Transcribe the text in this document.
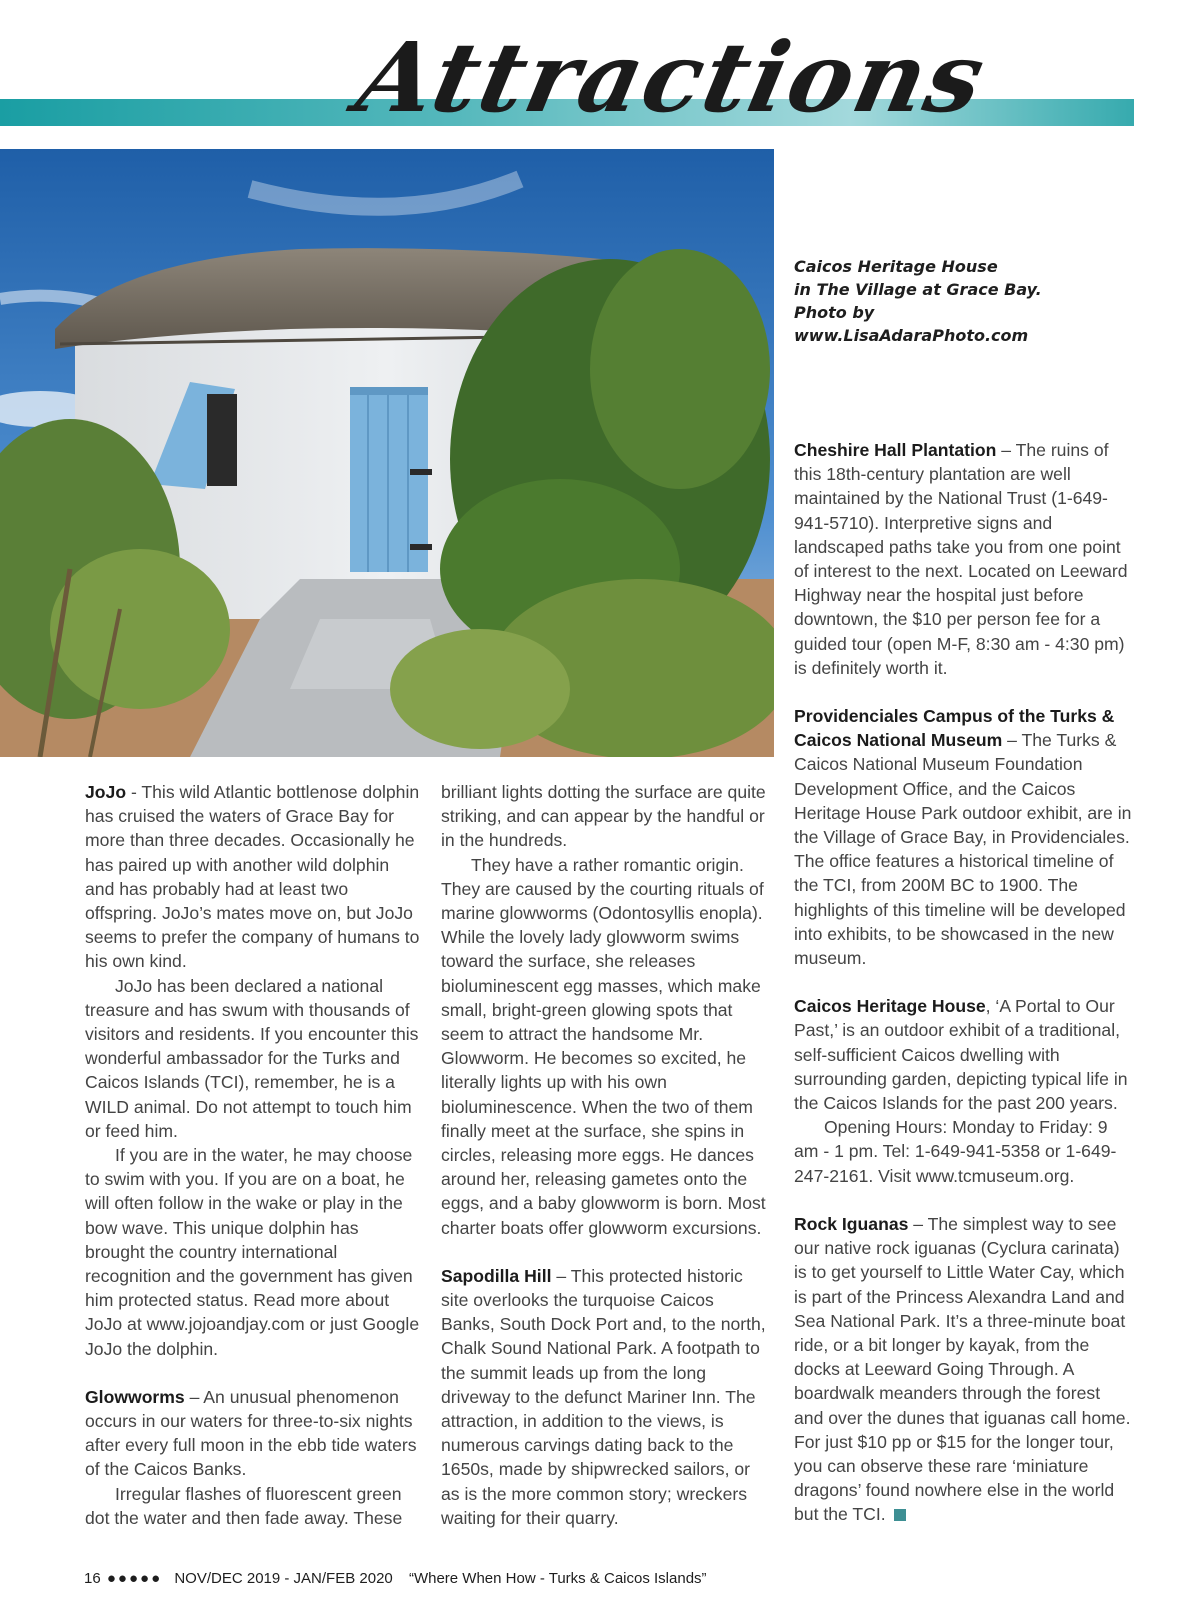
Attractions
Caicos Heritage House
in The Village at Grace Bay.
Photo by
www.LisaAdaraPhoto.com

JoJo - This wild Atlantic bottlenose dolphin has cruised the waters of Grace Bay for more than three decades. Occasionally he has paired up with another wild dolphin and has probably had at least two offspring. JoJo’s mates move on, but JoJo seems to prefer the company of humans to his own kind.

JoJo has been declared a national treasure and has swum with thousands of visitors and residents. If you encounter this wonderful ambassador for the Turks and Caicos Islands (TCI), remember, he is a WILD animal. Do not attempt to touch him or feed him.

If you are in the water, he may choose to swim with you. If you are on a boat, he will often follow in the wake or play in the bow wave. This unique dolphin has brought the country international recognition and the government has given him protected status. Read more about JoJo at www.jojoandjay.com or just Google JoJo the dolphin.

Glowworms – An unusual phenomenon occurs in our waters for three-to-six nights after every full moon in the ebb tide waters of the Caicos Banks.

Irregular flashes of fluorescent green dot the water and then fade away. These

brilliant lights dotting the surface are quite striking, and can appear by the handful or in the hundreds.

They have a rather romantic origin. They are caused by the courting rituals of marine glowworms (Odontosyllis enopla). While the lovely lady glowworm swims toward the surface, she releases bioluminescent egg masses, which make small, bright-green glowing spots that seem to attract the handsome Mr. Glowworm. He becomes so excited, he literally lights up with his own bioluminescence. When the two of them finally meet at the surface, she spins in circles, releasing more eggs. He dances around her, releasing gametes onto the eggs, and a baby glowworm is born. Most charter boats offer glowworm excursions.

Sapodilla Hill – This protected historic site overlooks the turquoise Caicos Banks, South Dock Port and, to the north, Chalk Sound National Park. A footpath to the summit leads up from the long driveway to the defunct Mariner Inn. The attraction, in addition to the views, is numerous carvings dating back to the 1650s, made by shipwrecked sailors, or as is the more common story; wreckers waiting for their quarry.

Cheshire Hall Plantation – The ruins of this 18th-century plantation are well maintained by the National Trust (1-649-941-5710). Interpretive signs and landscaped paths take you from one point of interest to the next. Located on Leeward Highway near the hospital just before downtown, the $10 per person fee for a guided tour (open M-F, 8:30 am - 4:30 pm) is definitely worth it.

Providenciales Campus of the Turks & Caicos National Museum – The Turks & Caicos National Museum Foundation Development Office, and the Caicos Heritage House Park outdoor exhibit, are in the Village of Grace Bay, in Providenciales. The office features a historical timeline of the TCI, from 200M BC to 1900. The highlights of this timeline will be developed into exhibits, to be showcased in the new museum.

Caicos Heritage House, ‘A Portal to Our Past,’ is an outdoor exhibit of a traditional, self-sufficient Caicos dwelling with surrounding garden, depicting typical life in the Caicos Islands for the past 200 years.

Opening Hours: Monday to Friday: 9 am - 1 pm. Tel: 1-649-941-5358 or 1-649-247-2161. Visit www.tcmuseum.org.

Rock Iguanas – The simplest way to see our native rock iguanas (Cyclura carinata) is to get yourself to Little Water Cay, which is part of the Princess Alexandra Land and Sea National Park. It’s a three-minute boat ride, or a bit longer by kayak, from the docks at Leeward Going Through. A boardwalk meanders through the forest and over the dunes that iguanas call home. For just $10 pp or $15 for the longer tour, you can observe these rare ‘miniature dragons’ found nowhere else in the world but the TCI.

16 ●●●●● NOV/DEC 2019 - JAN/FEB 2020 “Where When How - Turks & Caicos Islands”
